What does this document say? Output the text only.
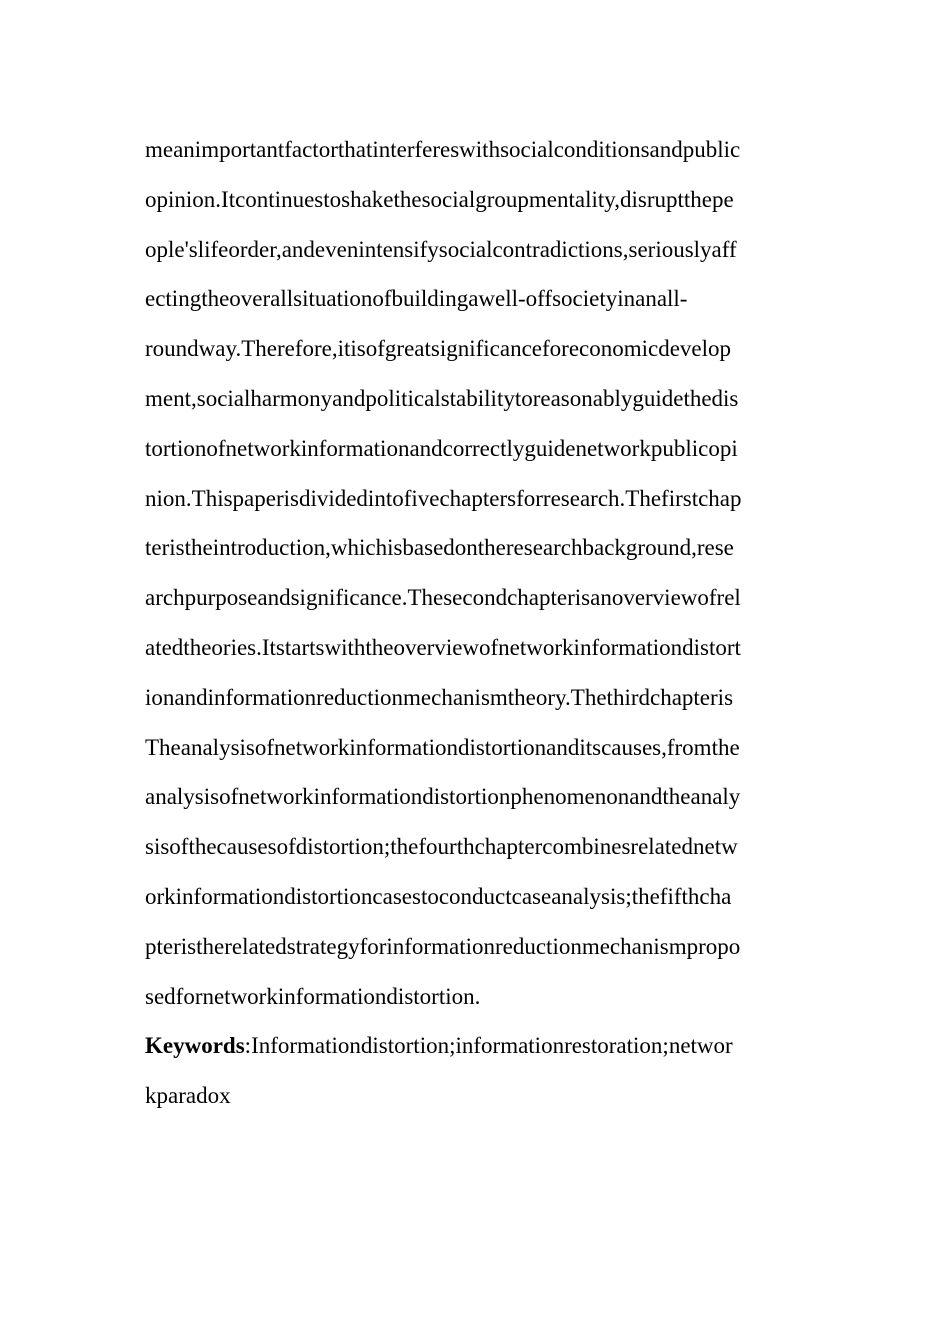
meanimportantfactorthatinterfereswithsocialconditionsandpublic
opinion.Itcontinuestoshakethesocialgroupmentality,disruptthepe
ople'slifeorder,andevenintensifysocialcontradictions,seriouslyaff
ectingtheoverallsituationofbuildingawell-offsocietyinanall-
roundway.Therefore,itisofgreatsignificanceforeconomicdevelop
ment,socialharmonyandpoliticalstabilitytoreasonablyguidethedis
tortionofnetworkinformationandcorrectlyguidenetworkpublicopi
nion.Thispaperisdividedintofivechaptersforresearch.Thefirstchap
teristheintroduction,whichisbasedontheresearchbackground,rese
archpurposeandsignificance.Thesecondchapterisanoverviewofrel
atedtheories.Itstartswiththeoverviewofnetworkinformationdistort
ionandinformationreductionmechanismtheory.Thethirdchapteris
Theanalysisofnetworkinformationdistortionanditscauses,fromthe
analysisofnetworkinformationdistortionphenomenonandtheanaly
sisofthecausesofdistortion;thefourthchaptercombinesrelatednetw
orkinformationdistortioncasestoconductcaseanalysis;thefifthcha
pteristherelatedstrategyforinformationreductionmechanismpropo
sedfornetworkinformationdistortion.
Keywords:Informationdistortion;informationrestoration;networ
kparadox
